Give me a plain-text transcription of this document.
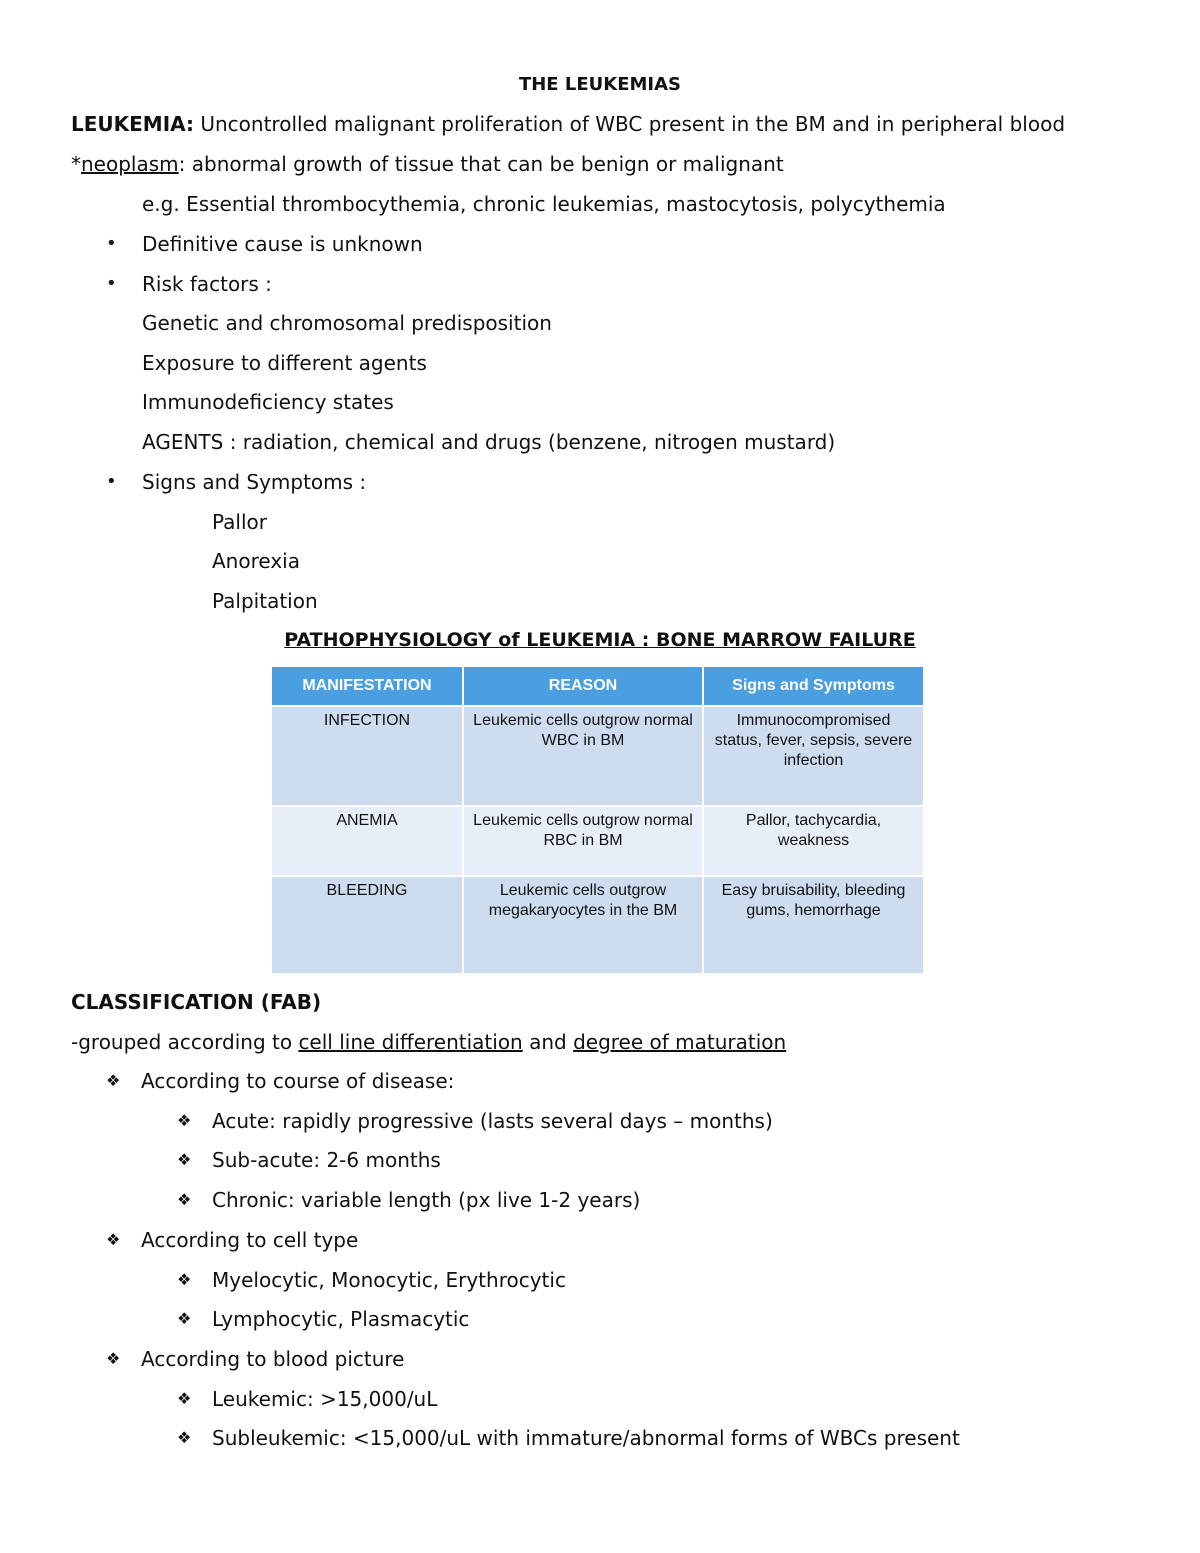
THE LEUKEMIAS
LEUKEMIA: Uncontrolled malignant proliferation of WBC present in the BM and in peripheral blood
*neoplasm: abnormal growth of tissue that can be benign or malignant
e.g. Essential thrombocythemia, chronic leukemias, mastocytosis, polycythemia
• Definitive cause is unknown
• Risk factors :
Genetic and chromosomal predisposition
Exposure to different agents
Immunodeficiency states
AGENTS : radiation, chemical and drugs (benzene, nitrogen mustard)
• Signs and Symptoms :
Pallor
Anorexia
Palpitation
PATHOPHYSIOLOGY of LEUKEMIA : BONE MARROW FAILURE
MANIFESTATION	REASON	Signs and Symptoms
INFECTION	Leukemic cells outgrow normal WBC in BM	Immunocompromised status, fever, sepsis, severe infection
ANEMIA	Leukemic cells outgrow normal RBC in BM	Pallor, tachycardia, weakness
BLEEDING	Leukemic cells outgrow megakaryocytes in the BM	Easy bruisability, bleeding gums, hemorrhage
CLASSIFICATION (FAB)
-grouped according to cell line differentiation and degree of maturation
❖ According to course of disease:
❖ Acute: rapidly progressive (lasts several days – months)
❖ Sub-acute: 2-6 months
❖ Chronic: variable length (px live 1-2 years)
❖ According to cell type
❖ Myelocytic, Monocytic, Erythrocytic
❖ Lymphocytic, Plasmacytic
❖ According to blood picture
❖ Leukemic: >15,000/uL
❖ Subleukemic: <15,000/uL with immature/abnormal forms of WBCs present
